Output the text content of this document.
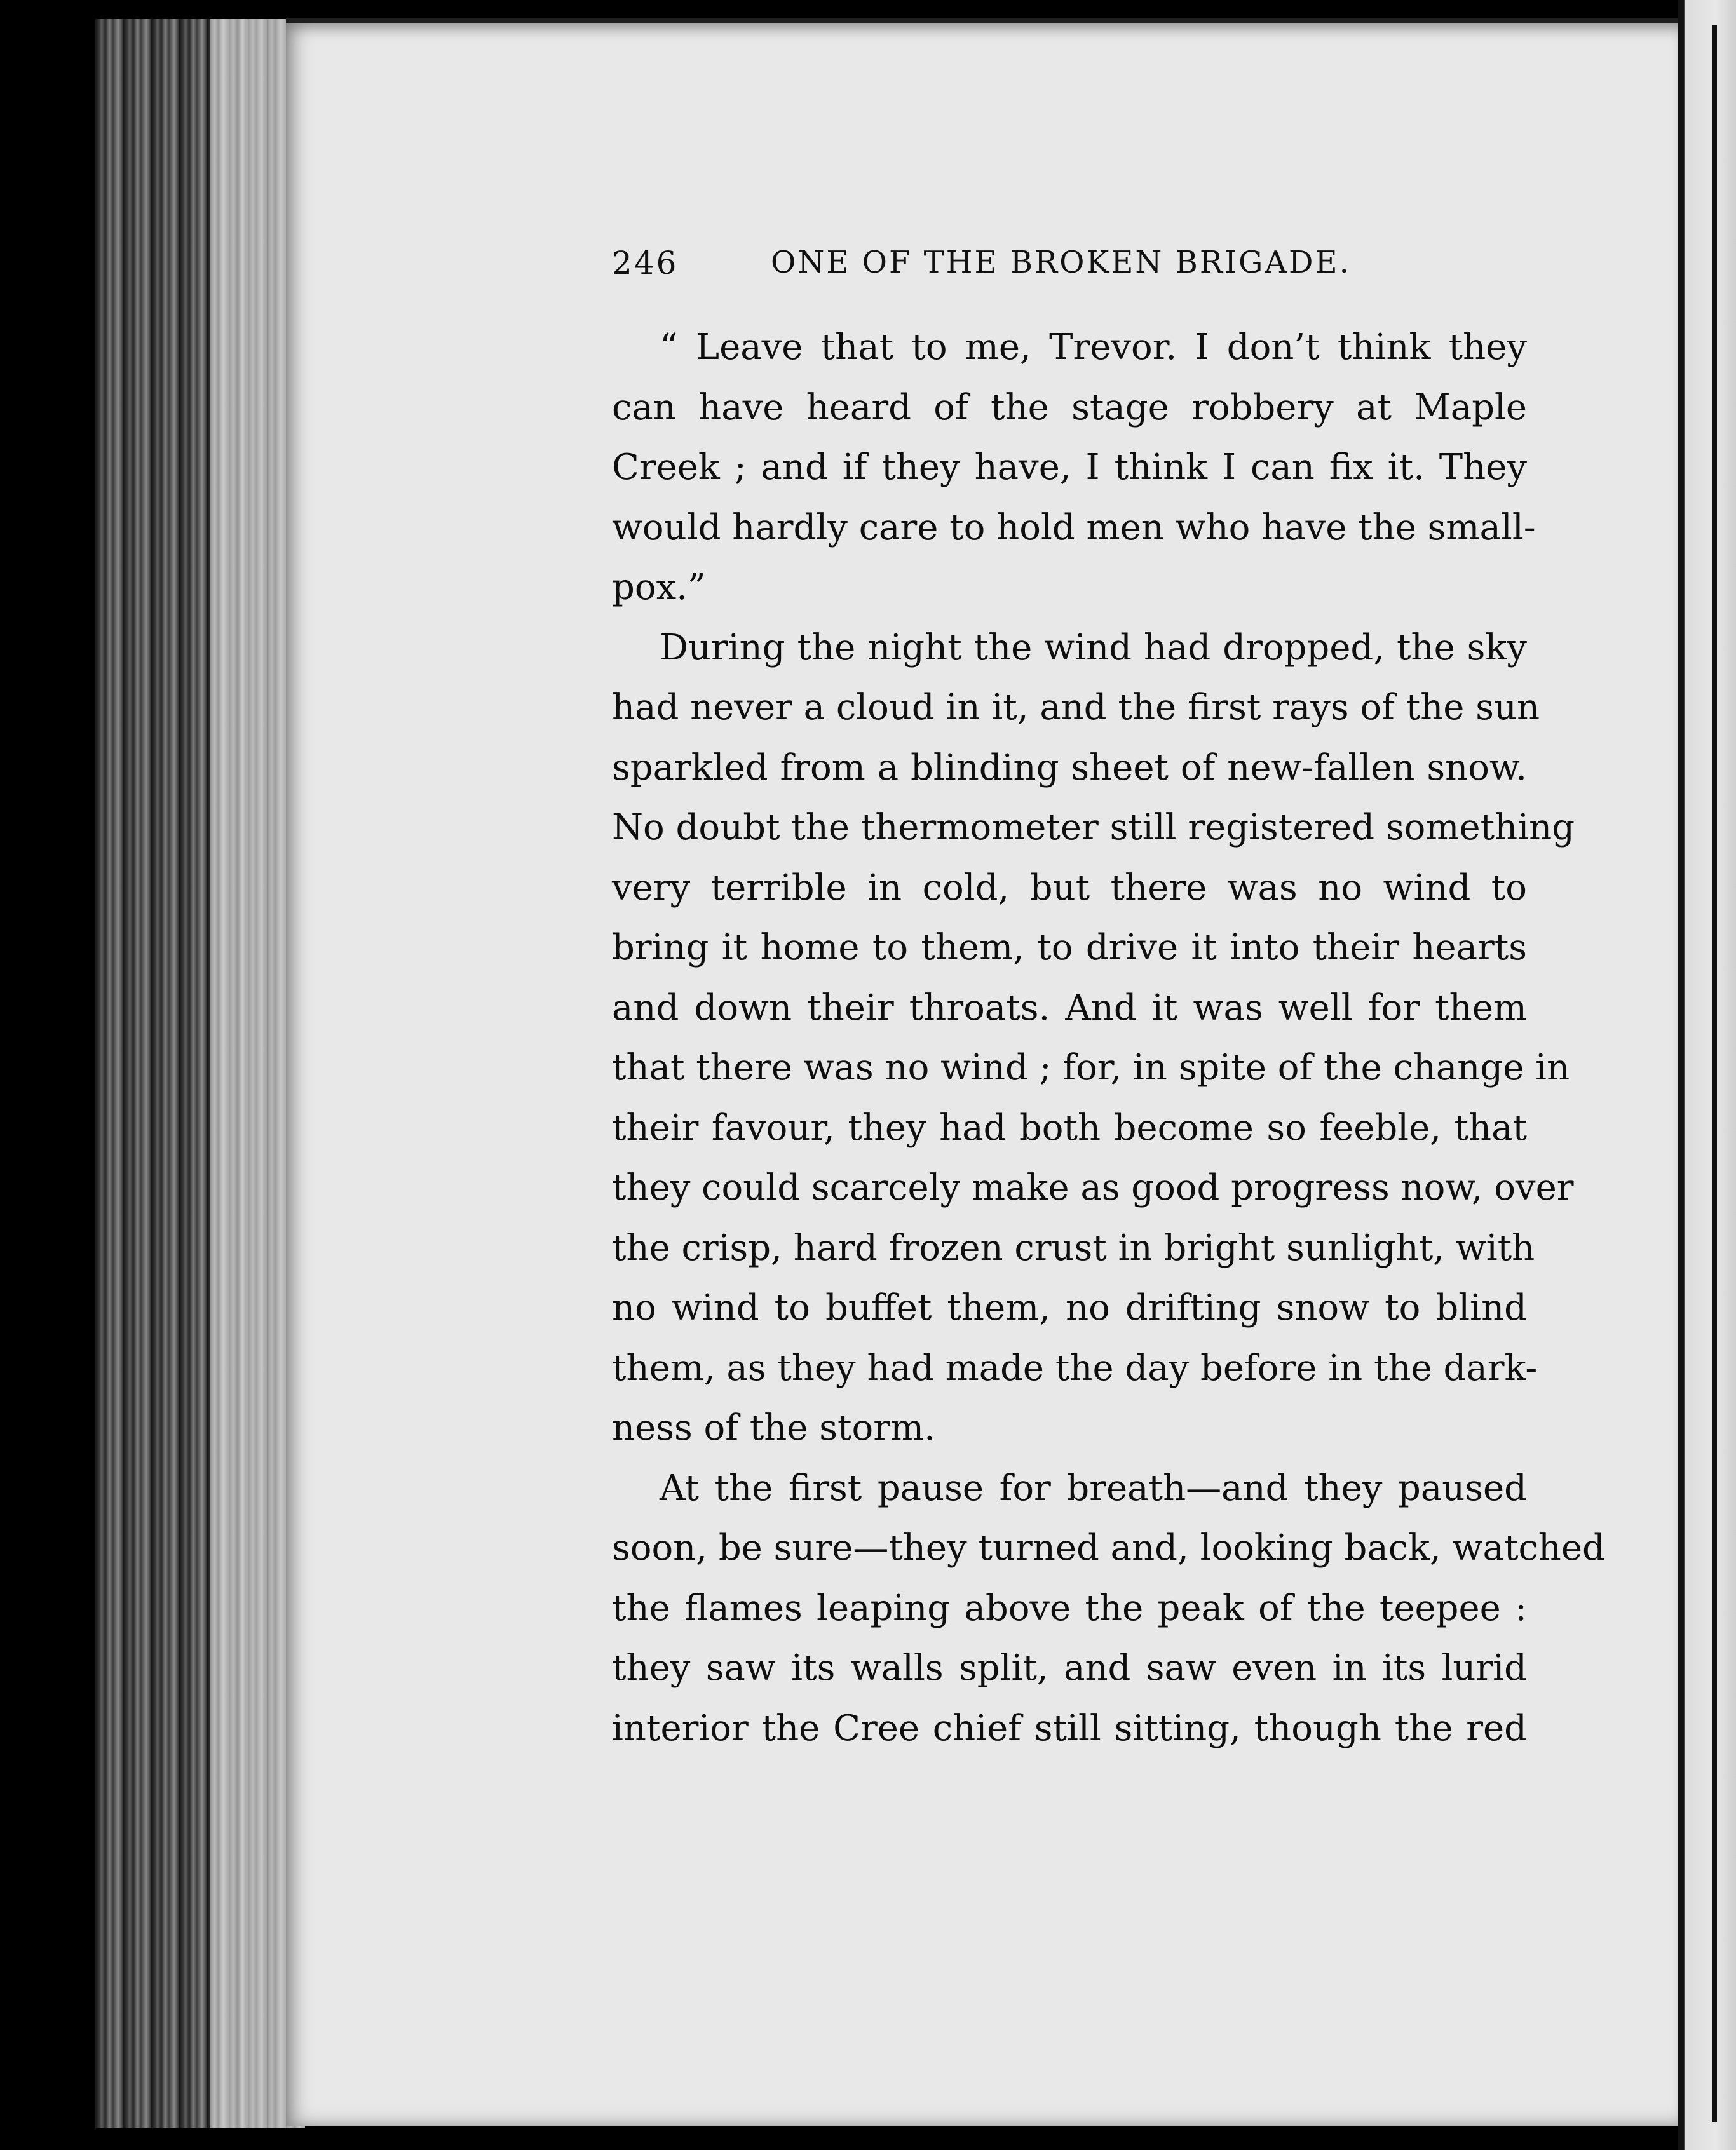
246	ONE OF THE BROKEN BRIGADE.
“ Leave that to me, Trevor. I don’t think they
can have heard of the stage robbery at Maple
Creek ; and if they have, I think I can fix it. They
would hardly care to hold men who have the small-
pox.”
During the night the wind had dropped, the sky
had never a cloud in it, and the first rays of the sun
sparkled from a blinding sheet of new-fallen snow.
No doubt the thermometer still registered something
very terrible in cold, but there was no wind to
bring it home to them, to drive it into their hearts
and down their throats. And it was well for them
that there was no wind ; for, in spite of the change in
their favour, they had both become so feeble, that
they could scarcely make as good progress now, over
the crisp, hard frozen crust in bright sunlight, with
no wind to buffet them, no drifting snow to blind
them, as they had made the day before in the dark-
ness of the storm.
At the first pause for breath—and they paused
soon, be sure—they turned and, looking back, watched
the flames leaping above the peak of the teepee :
they saw its walls split, and saw even in its lurid
interior the Cree chief still sitting, though the red
